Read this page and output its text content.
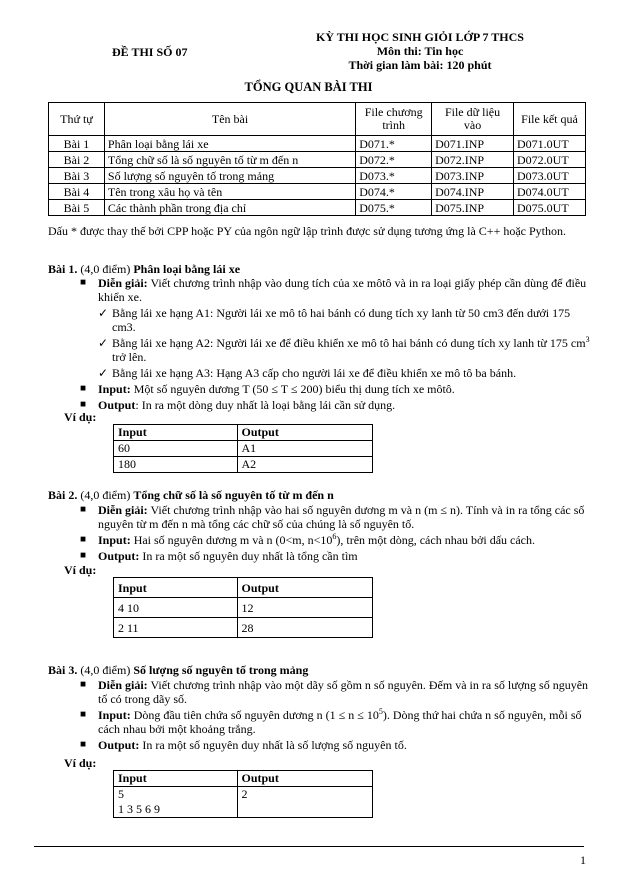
KỲ THI HỌC SINH GIỎI LỚP 7 THCS
Môn thi: Tin học
Thời gian làm bài: 120 phút
ĐỀ THI SỐ 07
TỔNG QUAN BÀI THI
Thứ tự	Tên bài	File chương trình	File dữ liệu vào	File kết quả
Bài 1	Phân loại bằng lái xe	D071.*	D071.INP	D071.0UT
Bài 2	Tổng chữ số là số nguyên tố từ m đến n	D072.*	D072.INP	D072.0UT
Bài 3	Số lượng số nguyên tố trong mảng	D073.*	D073.INP	D073.0UT
Bài 4	Tên trong xâu họ và tên	D074.*	D074.INP	D074.0UT
Bài 5	Các thành phần trong địa chỉ	D075.*	D075.INP	D075.0UT
Dấu * được thay thế bởi CPP hoặc PY của ngôn ngữ lập trình được sử dụng tương ứng là C++ hoặc Python.
Bài 1. (4,0 điểm) Phân loại bằng lái xe
■ Diễn giải: Viết chương trình nhập vào dung tích của xe môtô và in ra loại giấy phép cần dùng để điều khiển xe.
✓ Bằng lái xe hạng A1: Người lái xe mô tô hai bánh có dung tích xy lanh từ 50 cm3 đến dưới 175 cm3.
✓ Bằng lái xe hạng A2: Người lái xe để điều khiển xe mô tô hai bánh có dung tích xy lanh từ 175 $cm^3$ trở lên.
✓ Bằng lái xe hạng A3: Hạng A3 cấp cho người lái xe để điều khiển xe mô tô ba bánh.
■ Input: Một số nguyên dương T (50 ≤ T ≤ 200) biểu thị dung tích xe môtô.
■ Output: In ra một dòng duy nhất là loại bằng lái cần sử dụng.
Ví dụ:
Input	Output
60	A1
180	A2
Bài 2. (4,0 điểm) Tổng chữ số là số nguyên tố từ m đến n
■ Diễn giải: Viết chương trình nhập vào hai số nguyên dương m và n (m ≤ n). Tính và in ra tổng các số nguyên từ m đến n mà tổng các chữ số của chúng là số nguyên tố.
■ Input: Hai số nguyên dương m và n (0<m, $n<10^6$), trên một dòng, cách nhau bởi dấu cách.
■ Output: In ra một số nguyên duy nhất là tổng cần tìm
Ví dụ:
Input	Output
4 10	12
2 11	28
Bài 3. (4,0 điểm) Số lượng số nguyên tố trong mảng
■ Diễn giải: Viết chương trình nhập vào một dãy số gồm n số nguyên. Đếm và in ra số lượng số nguyên tố có trong dãy số.
■ Input: Dòng đầu tiên chứa số nguyên dương n $(1 \le n \le 10^5)$. Dòng thứ hai chứa n số nguyên, mỗi số cách nhau bởi một khoảng trắng.
■ Output: In ra một số nguyên duy nhất là số lượng số nguyên tố.
Ví dụ:
Input	Output

5
1 3 5 6 9	2
1
